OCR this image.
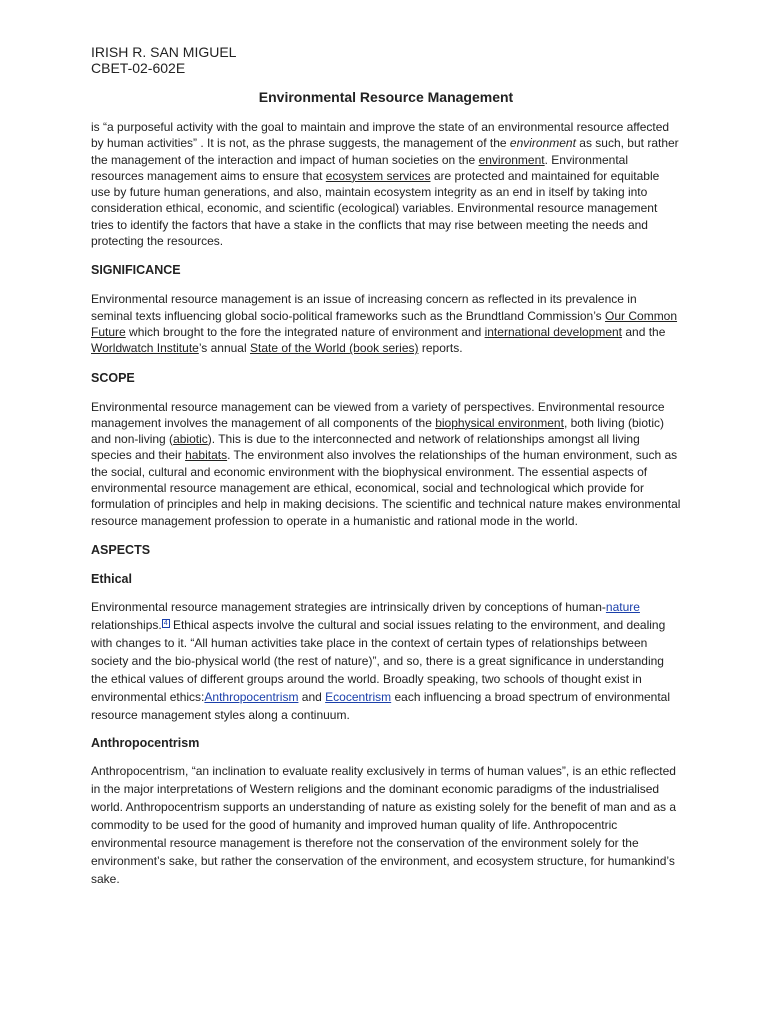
IRISH R. SAN MIGUEL
CBET-02-602E
Environmental Resource Management

is “a purposeful activity with the goal to maintain and improve the state of an environmental resource affected by human activities” . It is not, as the phrase suggests, the management of the environment as such, but rather the management of the interaction and impact of human societies on the environment. Environmental resources management aims to ensure that ecosystem services are protected and maintained for equitable use by future human generations, and also, maintain ecosystem integrity as an end in itself by taking into consideration ethical, economic, and scientific (ecological) variables. Environmental resource management tries to identify the factors that have a stake in the conflicts that may rise between meeting the needs and protecting the resources.

SIGNIFICANCE

Environmental resource management is an issue of increasing concern as reflected in its prevalence in seminal texts influencing global socio-political frameworks such as the Brundtland Commission’s Our Common Future which brought to the fore the integrated nature of environment and international development and the Worldwatch Institute’s annual State of the World (book series) reports.

SCOPE

Environmental resource management can be viewed from a variety of perspectives. Environmental resource management involves the management of all components of the biophysical environment, both living (biotic) and non-living (abiotic). This is due to the interconnected and network of relationships amongst all living species and their habitats. The environment also involves the relationships of the human environment, such as the social, cultural and economic environment with the biophysical environment. The essential aspects of environmental resource management are ethical, economical, social and technological which provide for formulation of principles and help in making decisions. The scientific and technical nature makes environmental resource management profession to operate in a humanistic and rational mode in the world.

ASPECTS
Ethical

Environmental resource management strategies are intrinsically driven by conceptions of human-nature relationships. $^4$ Ethical aspects involve the cultural and social issues relating to the environment, and dealing with changes to it. “All human activities take place in the context of certain types of relationships between society and the bio-physical world (the rest of nature)”, and so, there is a great significance in understanding the ethical values of different groups around the world. Broadly speaking, two schools of thought exist in environmental ethics:Anthropocentrism and Ecocentrism each influencing a broad spectrum of environmental resource management styles along a continuum.

Anthropocentrism

Anthropocentrism, “an inclination to evaluate reality exclusively in terms of human values”, is an ethic reflected in the major interpretations of Western religions and the dominant economic paradigms of the industrialised world. Anthropocentrism supports an understanding of nature as existing solely for the benefit of man and as a commodity to be used for the good of humanity and improved human quality of life. Anthropocentric environmental resource management is therefore not the conservation of the environment solely for the environment’s sake, but rather the conservation of the environment, and ecosystem structure, for humankind’s sake.
